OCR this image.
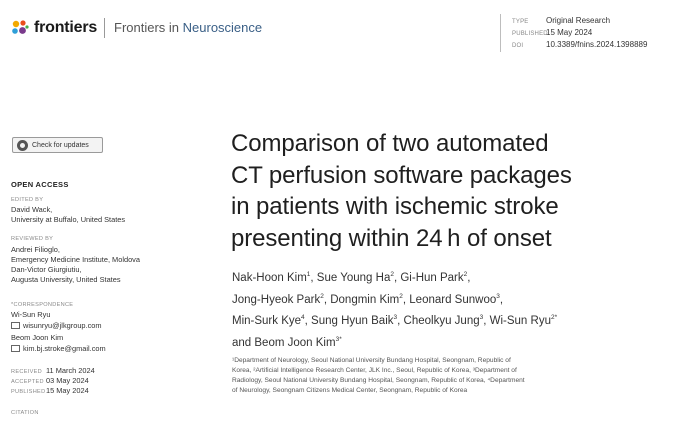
frontiers Frontiers in Neuroscience	TYPE Original Research
PUBLISHED15 May 2024
DOI	10.3389/fnins.2024.1398889
Check for updates
OPEN ACCESS
EDITED BY
David Wack,
University at Buffalo, United States
REVIEWED BY
Andrei Filioglo,
Emergency Medicine Institute, Moldova
Dan-Victor Giurgiutiu,
Augusta University, United States
*CORRESPONDENCE
Wi-Sun Ryu
wisunryu@jlkgroup.com
Beom Joon Kim
kim.bj.stroke@gmail.com
RECEIVED 11 March 2024
ACCEPTED 03 May 2024
PUBLISHED15 May 2024
CITATION
Comparison of two automated
CT perfusion software packages
in patients with ischemic stroke
presenting within 24 h of onset
Nak-Hoon Kim$^1$, Sue Young Ha$^2$, Gi-Hun Park$^2$,
Jong-Hyeok Park$^2$, Dongmin Kim$^2$, Leonard Sunwoo$^3$,
Min-Surk Kye$^4$, Sung Hyun Baik$^3$, Cheolkyu Jung$^3$, Wi-Sun Ryu$^{2*}$
and Beom Joon Kim$^{3*}$
¹Department of Neurology, Seoul National University Bundang Hospital, Seongnam, Republic of
Korea, ²Artificial Intelligence Research Center, JLK Inc., Seoul, Republic of Korea, ³Department of
Radiology, Seoul National University Bundang Hospital, Seongnam, Republic of Korea, ⁴Department
of Neurology, Seongnam Citizens Medical Center, Seongnam, Republic of Korea
